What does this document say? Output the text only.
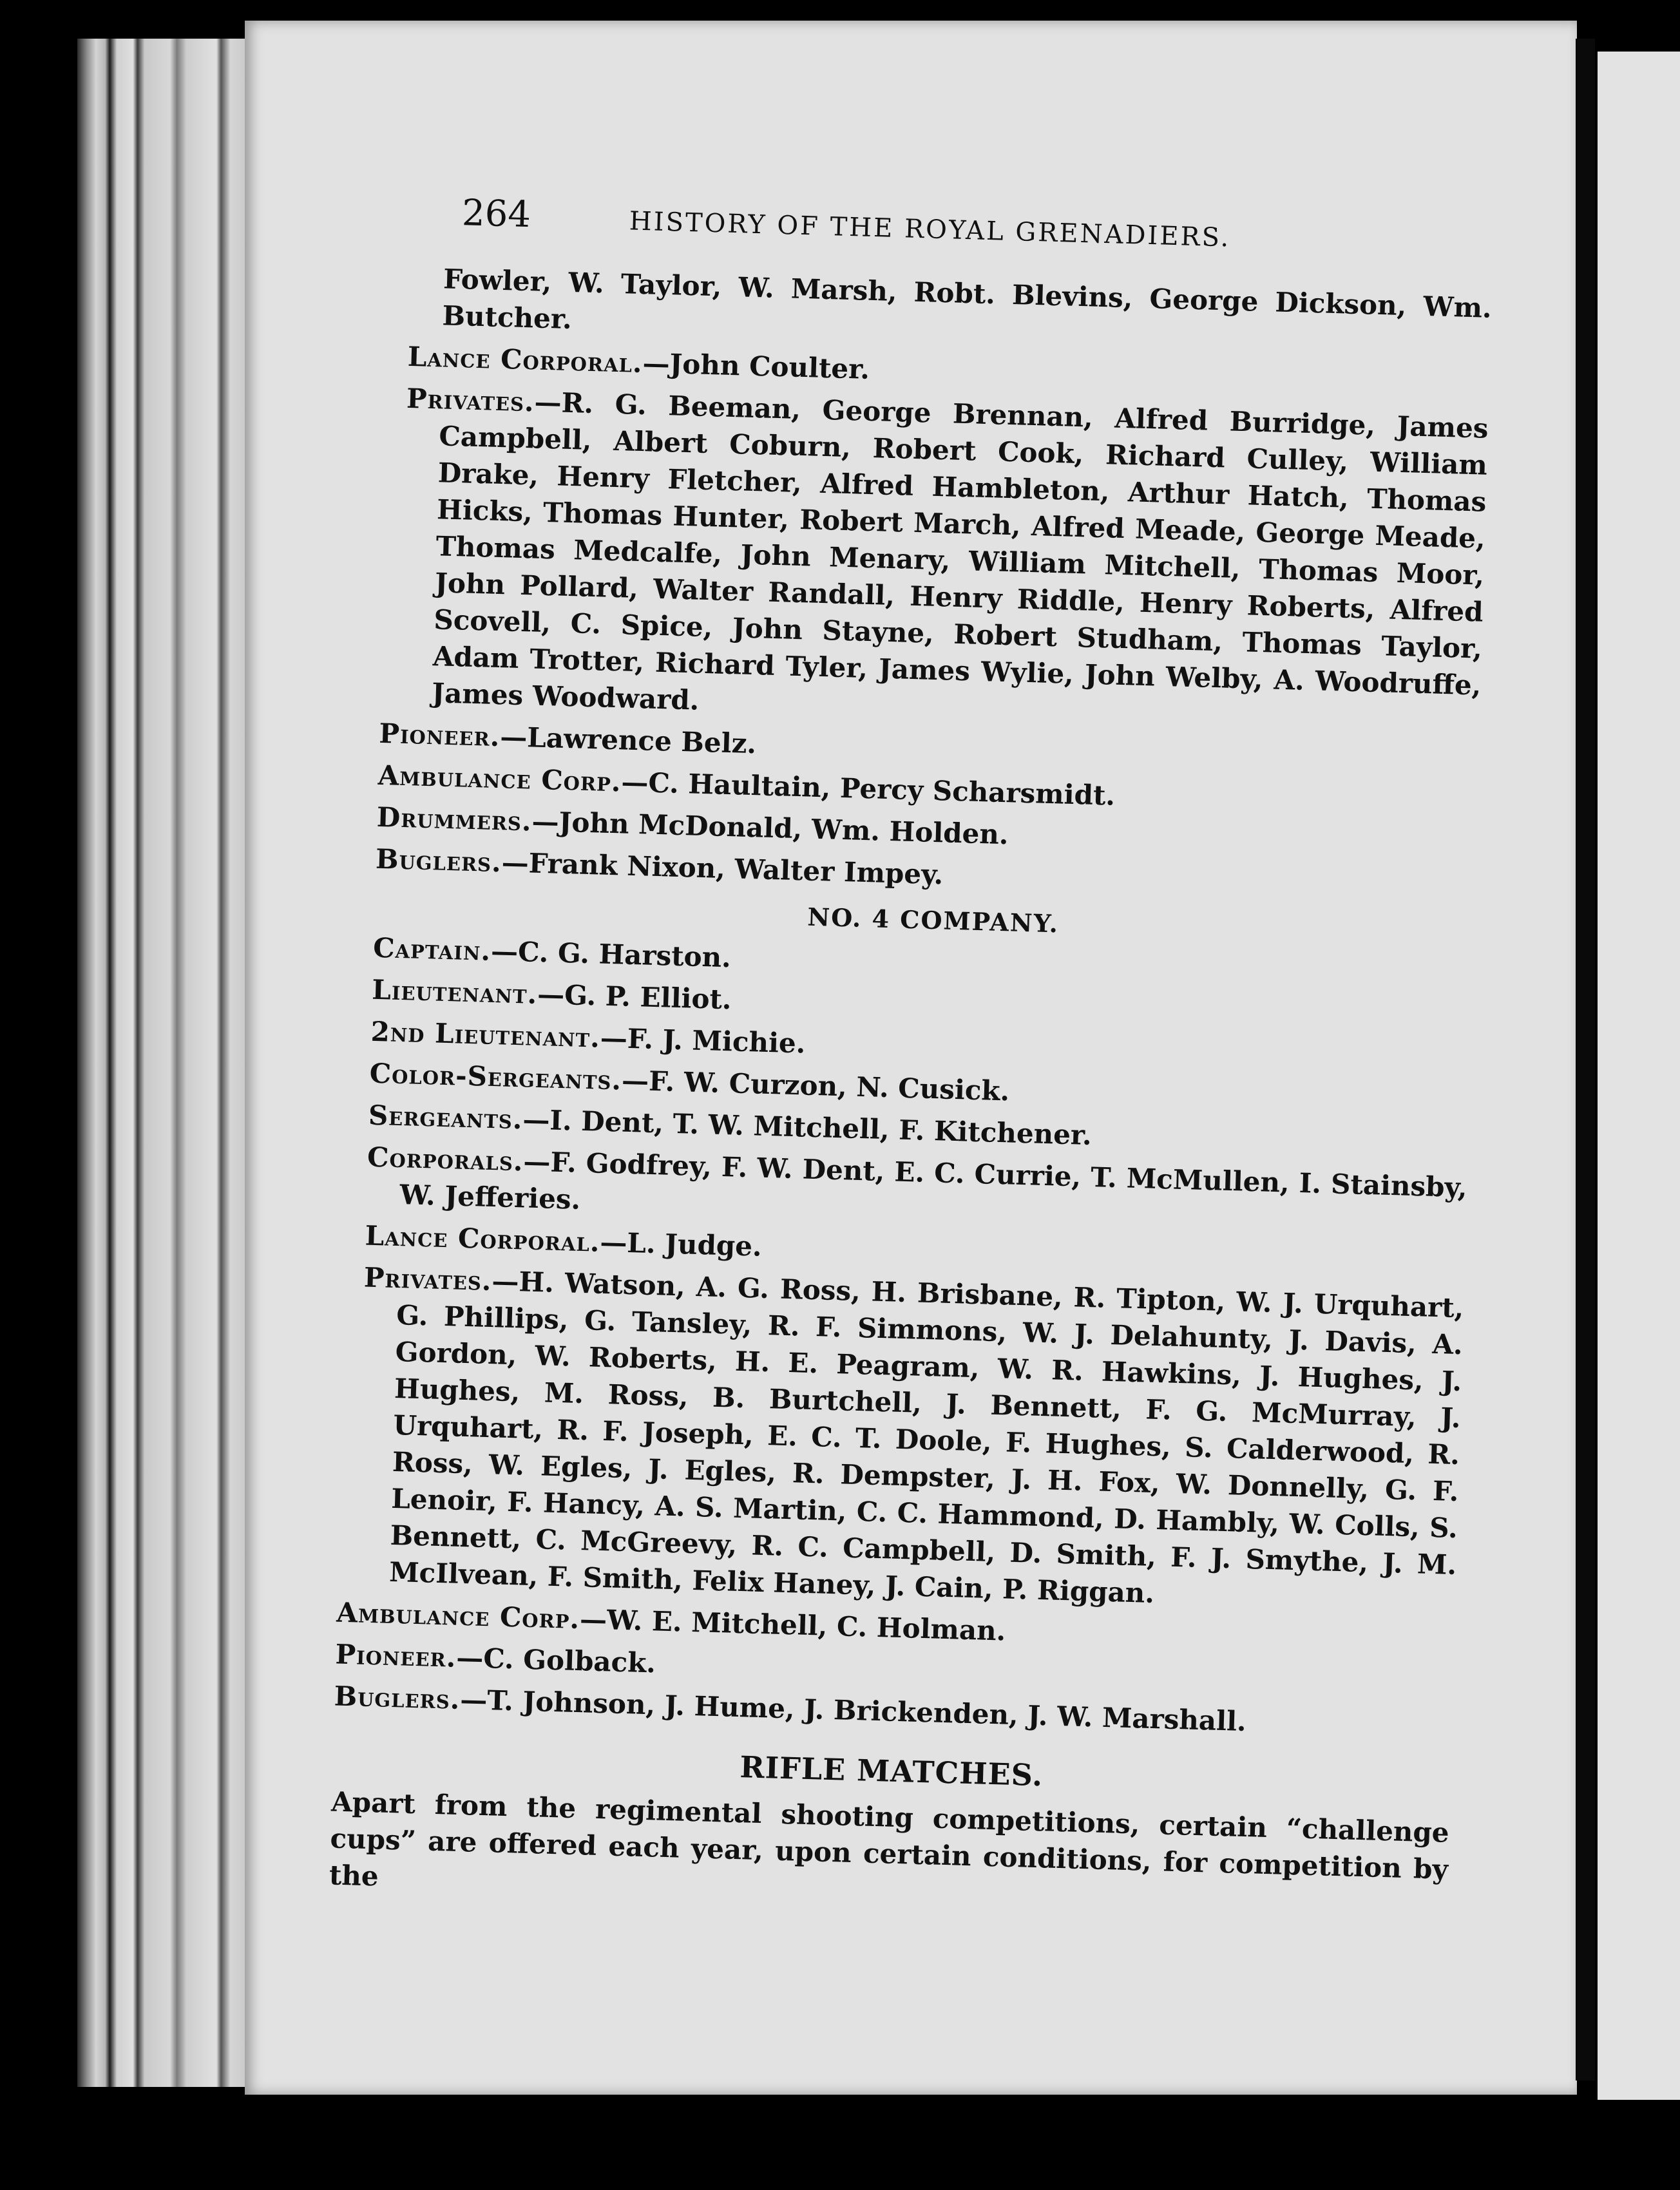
264	HISTORY OF THE ROYAL GRENADIERS.

Fowler, W. Taylor, W. Marsh, Robt. Blevins, George Dickson, Wm. Butcher.

Lance Corporal.—John Coulter.

Privates.—R. G. Beeman, George Brennan, Alfred Burridge, James Campbell, Albert Coburn, Robert Cook, Richard Culley, William Drake, Henry Fletcher, Alfred Hambleton, Arthur Hatch, Thomas Hicks, Thomas Hunter, Robert March, Alfred Meade, George Meade, Thomas Medcalfe, John Menary, William Mitchell, Thomas Moor, John Pollard, Walter Randall, Henry Riddle, Henry Roberts, Alfred Scovell, C. Spice, John Stayne, Robert Studham, Thomas Taylor, Adam Trotter, Richard Tyler, James Wylie, John Welby, A. Woodruffe, James Woodward.

Pioneer.—Lawrence Belz.

Ambulance Corp.—C. Haultain, Percy Scharsmidt.

Drummers.—John McDonald, Wm. Holden.

Buglers.—Frank Nixon, Walter Impey.

NO. 4 COMPANY.

Captain.—C. G. Harston.

Lieutenant.—G. P. Elliot.

2nd Lieutenant.—F. J. Michie.

Color-Sergeants.—F. W. Curzon, N. Cusick.

Sergeants.—I. Dent, T. W. Mitchell, F. Kitchener.

Corporals.—F. Godfrey, F. W. Dent, E. C. Currie, T. McMullen, I. Stainsby, W. Jefferies.

Lance Corporal.—L. Judge.

Privates.—H. Watson, A. G. Ross, H. Brisbane, R. Tipton, W. J. Urquhart, G. Phillips, G. Tansley, R. F. Simmons, W. J. Delahunty, J. Davis, A. Gordon, W. Roberts, H. E. Peagram, W. R. Hawkins, J. Hughes, J. Hughes, M. Ross, B. Burtchell, J. Bennett, F. G. McMurray, J. Urquhart, R. F. Joseph, E. C. T. Doole, F. Hughes, S. Calderwood, R. Ross, W. Egles, J. Egles, R. Dempster, J. H. Fox, W. Donnelly, G. F. Lenoir, F. Hancy, A. S. Martin, C. C. Hammond, D. Hambly, W. Colls, S. Bennett, C. McGreevy, R. C. Campbell, D. Smith, F. J. Smythe, J. M. McIlvean, F. Smith, Felix Haney, J. Cain, P. Riggan.

Ambulance Corp.—W. E. Mitchell, C. Holman.

Pioneer.—C. Golback.

Buglers.—T. Johnson, J. Hume, J. Brickenden, J. W. Marshall.

RIFLE MATCHES.

Apart from the regimental shooting competitions, certain “challenge cups” are offered each year, upon certain conditions, for competition by the
